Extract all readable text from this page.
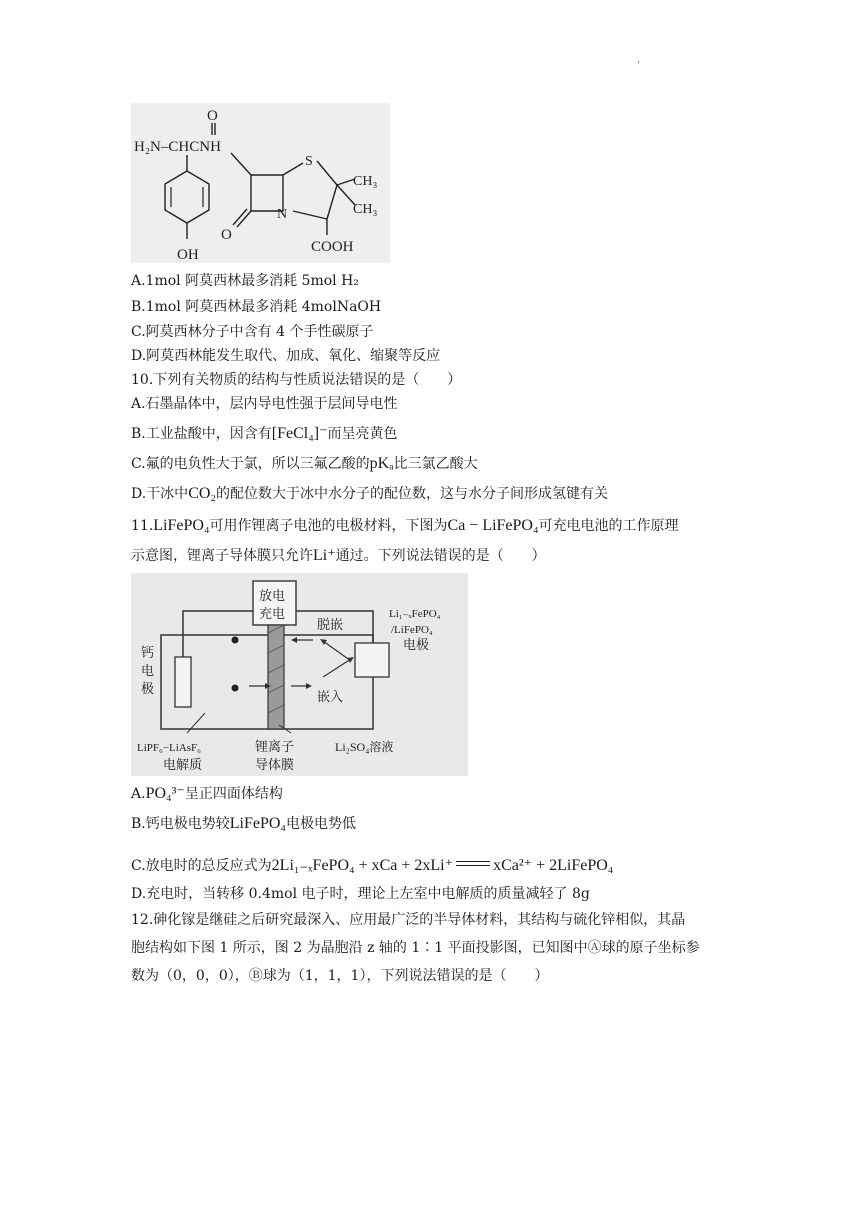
'
H₂N–CHCNH
O
OH
O
N
S
CH₃
CH₃
COOH
A.1mol 阿莫西林最多消耗 5mol H₂
B.1mol 阿莫西林最多消耗 4molNaOH
C.阿莫西林分子中含有 4 个手性碳原子
D.阿莫西林能发生取代、加成、氧化、缩聚等反应
10.下列有关物质的结构与性质说法错误的是（　　）
A.石墨晶体中，层内导电性强于层间导电性
B.工业盐酸中，因含有[FeCl₄]⁻而呈亮黄色
C.氟的电负性大于氯，所以三氟乙酸的pKₐ比三氯乙酸大
D.干冰中CO₂的配位数大于冰中水分子的配位数，这与水分子间形成氢键有关
11.LiFePO₄可用作锂离子电池的电极材料，下图为Ca − LiFePO₄可充电电池的工作原理
示意图，锂离子导体膜只允许Li⁺通过。下列说法错误的是（　　）
放电
充电
钙
电
极
脱嵌
嵌入
Li₁₋ₓFePO₄
/LiFePO₄
电极
LiPF₆−LiAsF₆
电解质
锂离子
导体膜
Li₂SO₄溶液
A.PO₄³⁻呈正四面体结构
B.钙电极电势较LiFePO₄电极电势低
C.放电时的总反应式为2Li₁₋ₓFePO₄ + xCa + 2xLi⁺	xCa²⁺ + 2LiFePO₄
D.充电时，当转移 0.4mol 电子时，理论上左室中电解质的质量减轻了 8g
12.砷化镓是继硅之后研究最深入、应用最广泛的半导体材料，其结构与硫化锌相似，其晶
胞结构如下图 1 所示，图 2 为晶胞沿 z 轴的 1∶1 平面投影图，已知图中Ⓐ球的原子坐标参
数为（0，0，0），Ⓑ球为（1，1，1），下列说法错误的是（　　）
